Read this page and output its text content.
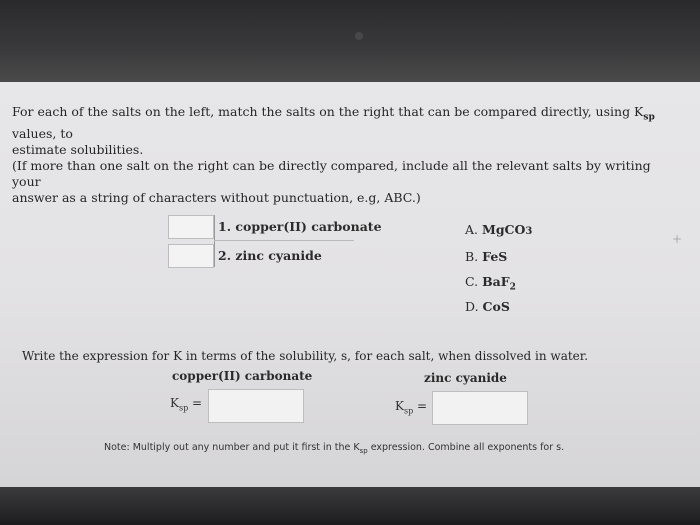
For each of the salts on the left, match the salts on the right that can be compared directly, using $K_{sp}$ values, to
estimate solubilities.
(If more than one salt on the right can be directly compared, include all the relevant salts by writing your
answer as a string of characters without punctuation, e.g, ABC.)
1. copper(II) carbonate
2. zinc cyanide
A. MgCO3
B. FeS
C. BaF$_2$
D. CoS
+
Write the expression for K in terms of the solubility, s, for each salt, when dissolved in water.
copper(II) carbonate	zinc cyanide
$K_{sp}$ =	$K_{sp}$ =
Note: Multiply out any number and put it first in the $K_{sp}$ expression. Combine all exponents for s.
